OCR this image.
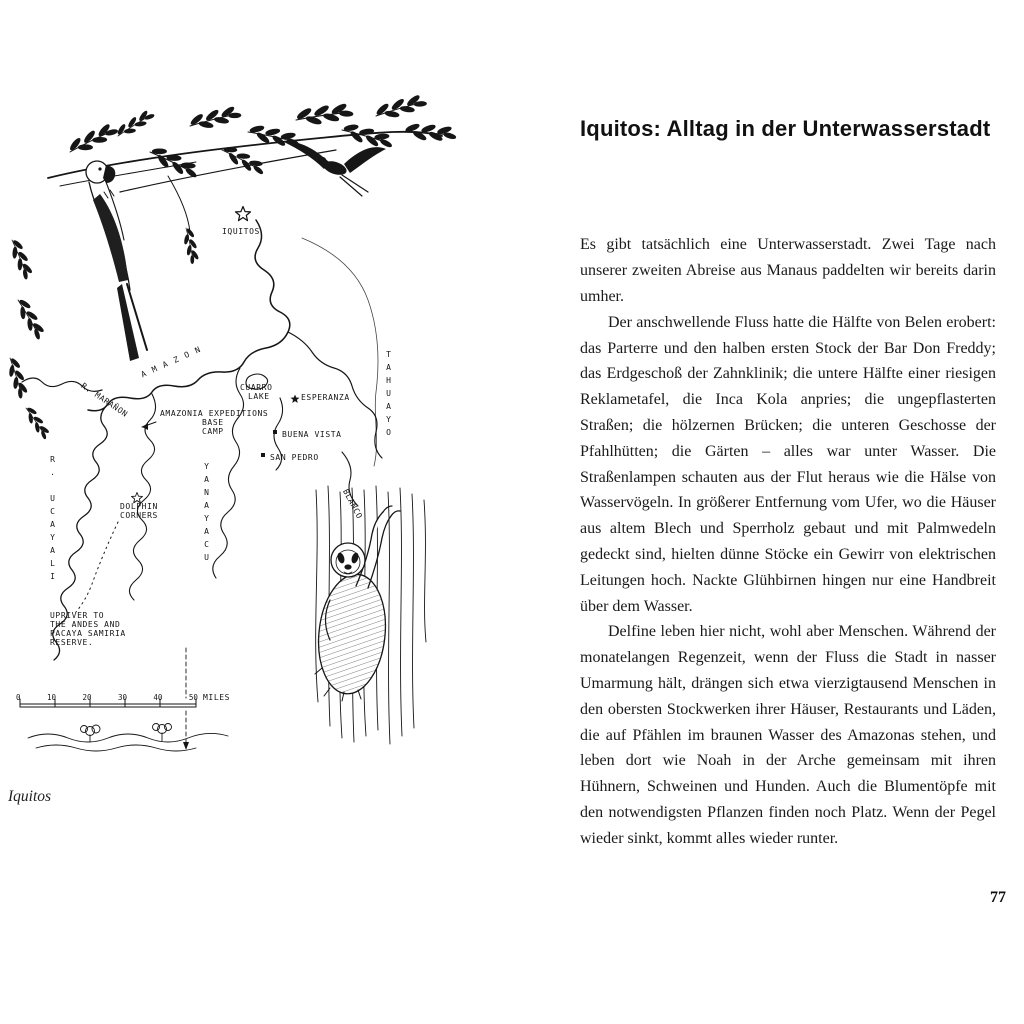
IQUITOS
CUARRO
LAKE	ESPERANZA
AMAZONIA EXPEDITIONS
BASE
CAMP	BUENA VISTA
SAN PEDRO
DOLPHIN
CORNERS
AMAZON
R. MARAÑON
R. UCAYALI	YANAYACU
TAHUAYO
BLANCO
UPRIVER TO
THE ANDES AND
PACAYA SAMIRIA
RESERVE.
0	10	20	30	40	50 MILES
Iquitos
Iquitos: Alltag in der Unterwasserstadt

Es gibt tatsächlich eine Unterwasserstadt. Zwei Tage nach unserer zweiten Abreise aus Manaus paddelten wir bereits darin umher.

Der anschwellende Fluss hatte die Hälfte von Belen erobert: das Parterre und den halben ersten Stock der Bar Don Freddy; das Erdgeschoß der Zahnklinik; die untere Hälfte einer riesigen Reklametafel, die Inca Kola anpries; die ungepflasterten Straßen; die hölzernen Brücken; die unteren Geschosse der Pfahlhütten; die Gärten – alles war unter Wasser. Die Straßenlampen schauten aus der Flut heraus wie die Hälse von Wasservögeln. In größerer Entfernung vom Ufer, wo die Häuser aus altem Blech und Sperrholz gebaut und mit Palmwedeln gedeckt sind, hielten dünne Stöcke ein Gewirr von elektrischen Leitungen hoch. Nackte Glühbirnen hingen nur eine Handbreit über dem Wasser.

Delfine leben hier nicht, wohl aber Menschen. Während der monatelangen Regenzeit, wenn der Fluss die Stadt in nasser Umarmung hält, drängen sich etwa vierzigtausend Menschen in den obersten Stockwerken ihrer Häuser, Restaurants und Läden, die auf Pfählen im braunen Wasser des Amazonas stehen, und leben dort wie Noah in der Arche gemeinsam mit ihren Hühnern, Schweinen und Hunden. Auch die Blumentöpfe mit den notwendigsten Pflanzen finden noch Platz. Wenn der Pegel wieder sinkt, kommt alles wieder runter.

77
